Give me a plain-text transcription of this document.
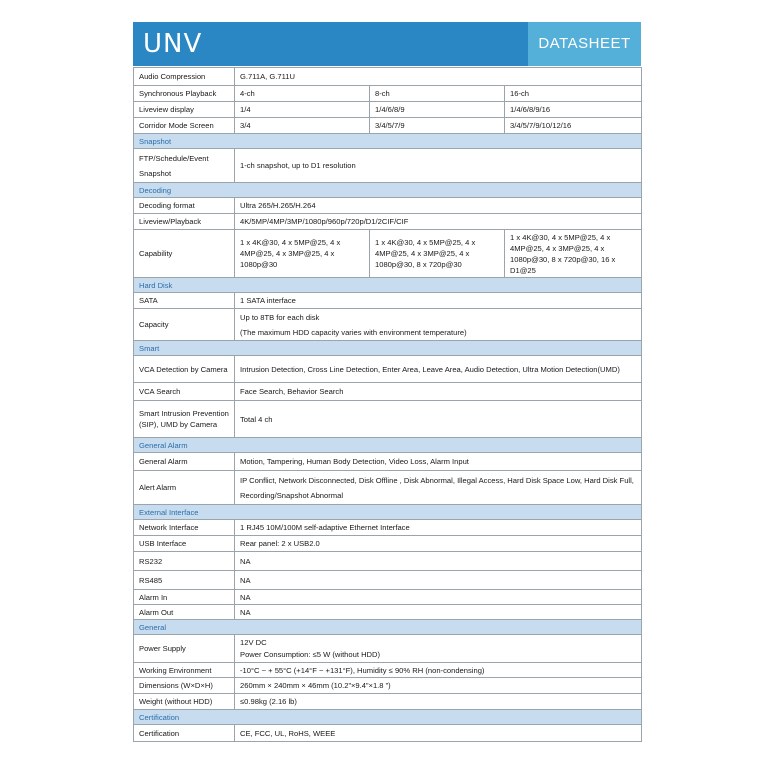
UNV	DATASHEET
Audio Compression	G.711A, G.711U		
Synchronous Playback	4-ch	8-ch	16-ch
Liveview display	1/4	1/4/6/8/9	1/4/6/8/9/16
Corridor Mode Screen	3/4	3/4/5/7/9	3/4/5/7/9/10/12/16
Snapshot			
FTP/Schedule/Event Snapshot	1-ch snapshot, up to D1 resolution		
Decoding			
Decoding format	Ultra 265/H.265/H.264		
Liveview/Playback	4K/5MP/4MP/3MP/1080p/960p/720p/D1/2CIF/CIF		
Capability	1 x 4K@30, 4 x 5MP@25, 4 x 4MP@25, 4 x 3MP@25, 4 x 1080p@30	1 x 4K@30, 4 x 5MP@25, 4 x 4MP@25, 4 x 3MP@25, 4 x 1080p@30, 8 x 720p@30	1 x 4K@30, 4 x 5MP@25, 4 x 4MP@25, 4 x 3MP@25, 4 x 1080p@30, 8 x 720p@30, 16 x D1@25
Hard Disk			
SATA	1 SATA interface		
Capacity	Up to 8TB for each disk
(The maximum HDD capacity varies with environment temperature)		

Smart			
VCA Detection by Camera	Intrusion Detection, Cross Line Detection, Enter Area, Leave Area, Audio Detection, Ultra Motion Detection(UMD)		
VCA Search	Face Search, Behavior Search		
Smart Intrusion Prevention (SIP), UMD by Camera	Total 4 ch		
General Alarm			
General Alarm	Motion, Tampering, Human Body Detection, Video Loss, Alarm Input		
Alert Alarm	IP Conflict, Network Disconnected, Disk Offline , Disk Abnormal, Illegal Access, Hard Disk Space Low, Hard Disk Full, Recording/Snapshot Abnormal		
External Interface			
Network Interface	1 RJ45 10M/100M self-adaptive Ethernet Interface		
USB Interface	Rear panel: 2 x USB2.0		
RS232	NA		
RS485	NA		
Alarm In	NA		
Alarm Out	NA		
General			
Power Supply	12V DC
Power Consumption: ≤5 W (without HDD)		

Working Environment	-10°C ~ + 55°C (+14°F ~ +131°F), Humidity ≤ 90% RH (non-condensing)		
Dimensions (W×D×H)	260mm × 240mm × 46mm (10.2”×9.4”×1.8 ”)		
Weight (without HDD)	≤0.98kg (2.16 lb)		
Certification			
Certification	CE, FCC, UL, RoHS, WEEE		
